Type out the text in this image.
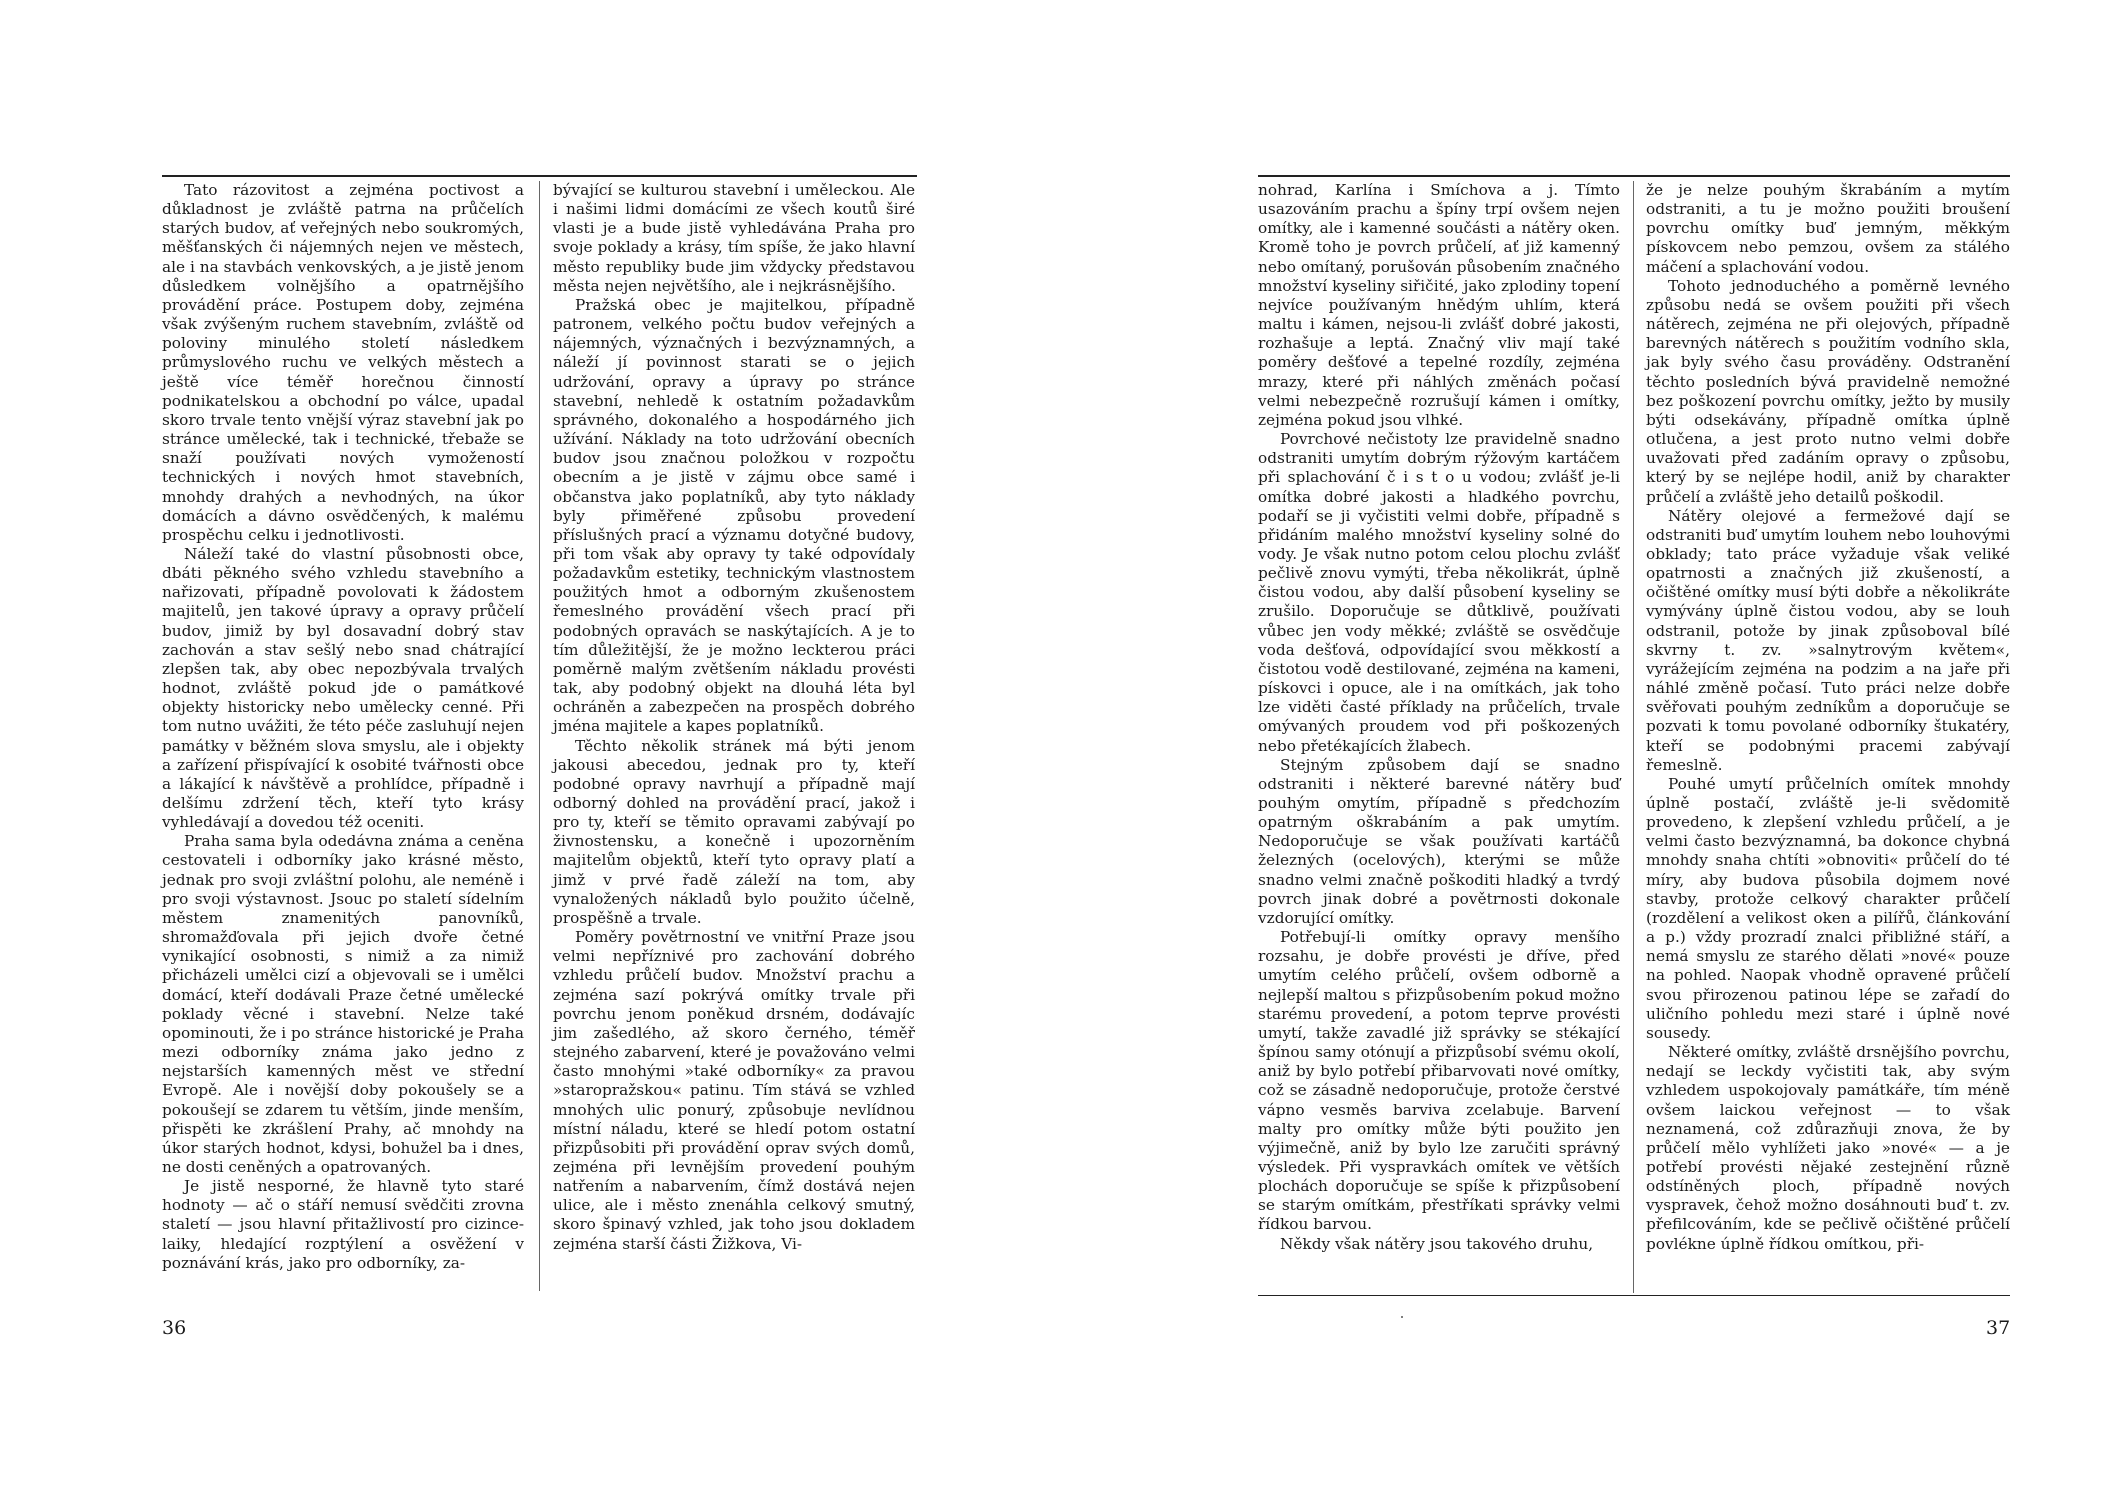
Tato rázovitost a zejména poctivost a důkladnost je zvláště patrna na průčelích starých budov, ať veřejných nebo soukromých, měšťanských či nájemných nejen ve městech, ale i na stavbách venkovských, a je jistě jenom důsledkem volnějšího a opatrnějšího provádění práce. Postupem doby, zejména však zvýšeným ruchem stavebním, zvláště od poloviny minulého století následkem průmyslového ruchu ve velkých městech a ještě více téměř horečnou činností podnikatelskou a obchodní po válce, upadal skoro trvale tento vnější výraz stavební jak po stránce umělecké, tak i technické, třebaže se snaží používati nových vymožeností technických i nových hmot stavebních, mnohdy drahých a nevhodných, na úkor domácích a dávno osvědčených, k malému prospěchu celku i jednotlivosti.

Náleží také do vlastní působnosti obce, dbáti pěkného svého vzhledu stavebního a nařizovati, případně povolovati k žádostem majitelů, jen takové úpravy a opravy průčelí budov, jimiž by byl dosavadní dobrý stav zachován a stav sešlý nebo snad chátrající zlepšen tak, aby obec nepozbývala trvalých hodnot, zvláště pokud jde o památkové objekty historicky nebo umělecky cenné. Při tom nutno uvážiti, že této péče zasluhují nejen památky v běžném slova smyslu, ale i objekty a zařízení přispívající k osobité tvářnosti obce a lákající k návštěvě a prohlídce, případně i delšímu zdržení těch, kteří tyto krásy vyhledávají a dovedou též oceniti.

Praha sama byla odedávna známa a ceněna cestovateli i odborníky jako krásné město, jednak pro svoji zvláštní polohu, ale neméně i pro svoji výstavnost. Jsouc po staletí sídelním městem znamenitých panovníků, shromažďovala při jejich dvoře četné vynikající osobnosti, s nimiž a za nimiž přicházeli umělci cizí a objevovali se i umělci domácí, kteří dodávali Praze četné umělecké poklady věcné i stavební. Nelze také opominouti, že i po stránce historické je Praha mezi odborníky známa jako jedno z nejstarších kamenných měst ve střední Evropě. Ale i novější doby pokoušely se a pokoušejí se zdarem tu větším, jinde menším, přispěti ke zkrášlení Prahy, ač mnohdy na úkor starých hodnot, kdysi, bohužel ba i dnes, ne dosti ceněných a opatrovaných.

Je jistě nesporné, že hlavně tyto staré hodnoty — ač o stáří nemusí svědčiti zrovna staletí — jsou hlavní přitažlivostí pro cizince-laiky, hledající rozptýlení a osvěžení v poznávání krás, jako pro odborníky, za-

bývající se kulturou stavební i uměleckou. Ale i našimi lidmi domácími ze všech koutů širé vlasti je a bude jistě vyhledávána Praha pro svoje poklady a krásy, tím spíše, že jako hlavní město republiky bude jim vždycky představou města nejen největšího, ale i nejkrásnějšího.

Pražská obec je majitelkou, případně patronem, velkého počtu budov veřejných a nájemných, význačných i bezvýznamných, a náleží jí povinnost starati se o jejich udržování, opravy a úpravy po stránce stavební, nehledě k ostatním požadavkům správného, dokonalého a hospodárného jich užívání. Náklady na toto udržování obecních budov jsou značnou položkou v rozpočtu obecním a je jistě v zájmu obce samé i občanstva jako poplatníků, aby tyto náklady byly přiměřené způsobu provedení příslušných prací a významu dotyčné budovy, při tom však aby opravy ty také odpovídaly požadavkům estetiky, technickým vlastnostem použitých hmot a odborným zkušenostem řemeslného provádění všech prací při podobných opravách se naskýtajících. A je to tím důležitější, že je možno leckterou práci poměrně malým zvětšením nákladu provésti tak, aby podobný objekt na dlouhá léta byl ochráněn a zabezpečen na prospěch dobrého jména majitele a kapes poplatníků.

Těchto několik stránek má býti jenom jakousi abecedou, jednak pro ty, kteří podobné opravy navrhují a případně mají odborný dohled na provádění prací, jakož i pro ty, kteří se těmito opravami zabývají po živnostensku, a konečně i upozorněním majitelům objektů, kteří tyto opravy platí a jimž v prvé řadě záleží na tom, aby vynaložených nákladů bylo použito účelně, prospěšně a trvale.

Poměry povětrnostní ve vnitřní Praze jsou velmi nepříznivé pro zachování dobrého vzhledu průčelí budov. Množství prachu a zejména sazí pokrývá omítky trvale při povrchu jenom poněkud drsném, dodávajíc jim zašedlého, až skoro černého, téměř stejného zabarvení, které je považováno velmi často mnohými »také odborníky« za pravou »staropražskou« patinu. Tím stává se vzhled mnohých ulic ponurý, způsobuje nevlídnou místní náladu, které se hledí potom ostatní přizpůsobiti při provádění oprav svých domů, zejména při levnějším provedení pouhým natřením a nabarvením, čímž dostává nejen ulice, ale i město znenáhla celkový smutný, skoro špinavý vzhled, jak toho jsou dokladem zejména starší části Žižkova, Vi-

36

nohrad, Karlína i Smíchova a j. Tímto usazováním prachu a špíny trpí ovšem nejen omítky, ale i kamenné součásti a nátěry oken. Kromě toho je povrch průčelí, ať již kamenný nebo omítaný, porušován působením značného množství kyseliny siřičité, jako zplodiny topení nejvíce používaným hnědým uhlím, která maltu i kámen, nejsou-li zvlášť dobré jakosti, rozhašuje a leptá. Značný vliv mají také poměry dešťové a tepelné rozdíly, zejména mrazy, které při náhlých změnách počasí velmi nebezpečně rozrušují kámen i omítky, zejména pokud jsou vlhké.

Povrchové nečistoty lze pravidelně snadno odstraniti umytím dobrým rýžovým kartáčem při splachování č i s t o u vodou; zvlášť je-li omítka dobré jakosti a hladkého povrchu, podaří se ji vyčistiti velmi dobře, případně s přidáním malého množství kyseliny solné do vody. Je však nutno potom celou plochu zvlášť pečlivě znovu vymýti, třeba několikrát, úplně čistou vodou, aby další působení kyseliny se zrušilo. Doporučuje se důtklivě, používati vůbec jen vody měkké; zvláště se osvědčuje voda dešťová, odpovídající svou měkkostí a čistotou vodě destilované, zejména na kameni, pískovci i opuce, ale i na omítkách, jak toho lze viděti časté příklady na průčelích, trvale omývaných proudem vod při poškozených nebo přetékajících žlabech.

Stejným způsobem dají se snadno odstraniti i některé barevné nátěry buď pouhým omytím, případně s předchozím opatrným oškrabáním a pak umytím. Nedoporučuje se však používati kartáčů železných (ocelových), kterými se může snadno velmi značně poškoditi hladký a tvrdý povrch jinak dobré a povětrnosti dokonale vzdorující omítky.

Potřebují-li omítky opravy menšího rozsahu, je dobře provésti je dříve, před umytím celého průčelí, ovšem odborně a nejlepší maltou s přizpůsobením pokud možno starému provedení, a potom teprve provésti umytí, takže zavadlé již správky se stékající špínou samy otónují a přizpůsobí svému okolí, aniž by bylo potřebí přibarvovati nové omítky, což se zásadně nedoporučuje, protože čerstvé vápno vesměs barviva zcelabuje. Barvení malty pro omítky může býti použito jen výjimečně, aniž by bylo lze zaručiti správný výsledek. Při vyspravkách omítek ve větších plochách doporučuje se spíše k přizpůsobení se starým omítkám, přestříkati správky velmi řídkou barvou.

Někdy však nátěry jsou takového druhu,

že je nelze pouhým škrabáním a mytím odstraniti, a tu je možno použiti broušení povrchu omítky buď jemným, měkkým pískovcem nebo pemzou, ovšem za stálého máčení a splachování vodou.

Tohoto jednoduchého a poměrně levného způsobu nedá se ovšem použiti při všech nátěrech, zejména ne při olejových, případně barevných nátěrech s použitím vodního skla, jak byly svého času prováděny. Odstranění těchto posledních bývá pravidelně nemožné bez poškození povrchu omítky, ježto by musily býti odsekávány, případně omítka úplně otlučena, a jest proto nutno velmi dobře uvažovati před zadáním opravy o způsobu, který by se nejlépe hodil, aniž by charakter průčelí a zvláště jeho detailů poškodil.

Nátěry olejové a fermežové dají se odstraniti buď umytím louhem nebo louhovými obklady; tato práce vyžaduje však veliké opatrnosti a značných již zkušeností, a očištěné omítky musí býti dobře a několikráte vymývány úplně čistou vodou, aby se louh odstranil, potože by jinak způsoboval bílé skvrny t. zv. »salnytrovým květem«, vyrážejícím zejména na podzim a na jaře při náhlé změně počasí. Tuto práci nelze dobře svěřovati pouhým zedníkům a doporučuje se pozvati k tomu povolané odborníky štukatéry, kteří se podobnými pracemi zabývají řemeslně.

Pouhé umytí průčelních omítek mnohdy úplně postačí, zvláště je-li svědomitě provedeno, k zlepšení vzhledu průčelí, a je velmi často bezvýznamná, ba dokonce chybná mnohdy snaha chtíti »obnoviti« průčelí do té míry, aby budova působila dojmem nové stavby, protože celkový charakter průčelí (rozdělení a velikost oken a pilířů, článkování a p.) vždy prozradí znalci přibližné stáří, a nemá smyslu ze starého dělati »nové« pouze na pohled. Naopak vhodně opravené průčelí svou přirozenou patinou lépe se zařadí do uličního pohledu mezi staré i úplně nové sousedy.

Některé omítky, zvláště drsnějšího povrchu, nedají se leckdy vyčistiti tak, aby svým vzhledem uspokojovaly památkáře, tím méně ovšem laickou veřejnost — to však neznamená, což zdůrazňuji znova, že by průčelí mělo vyhlížeti jako »nové« — a je potřebí provésti nějaké zestejnění různě odstíněných ploch, případně nových vyspravek, čehož možno dosáhnouti buď t. zv. přefilcováním, kde se pečlivě očištěné průčelí povlékne úplně řídkou omítkou, při-

37
